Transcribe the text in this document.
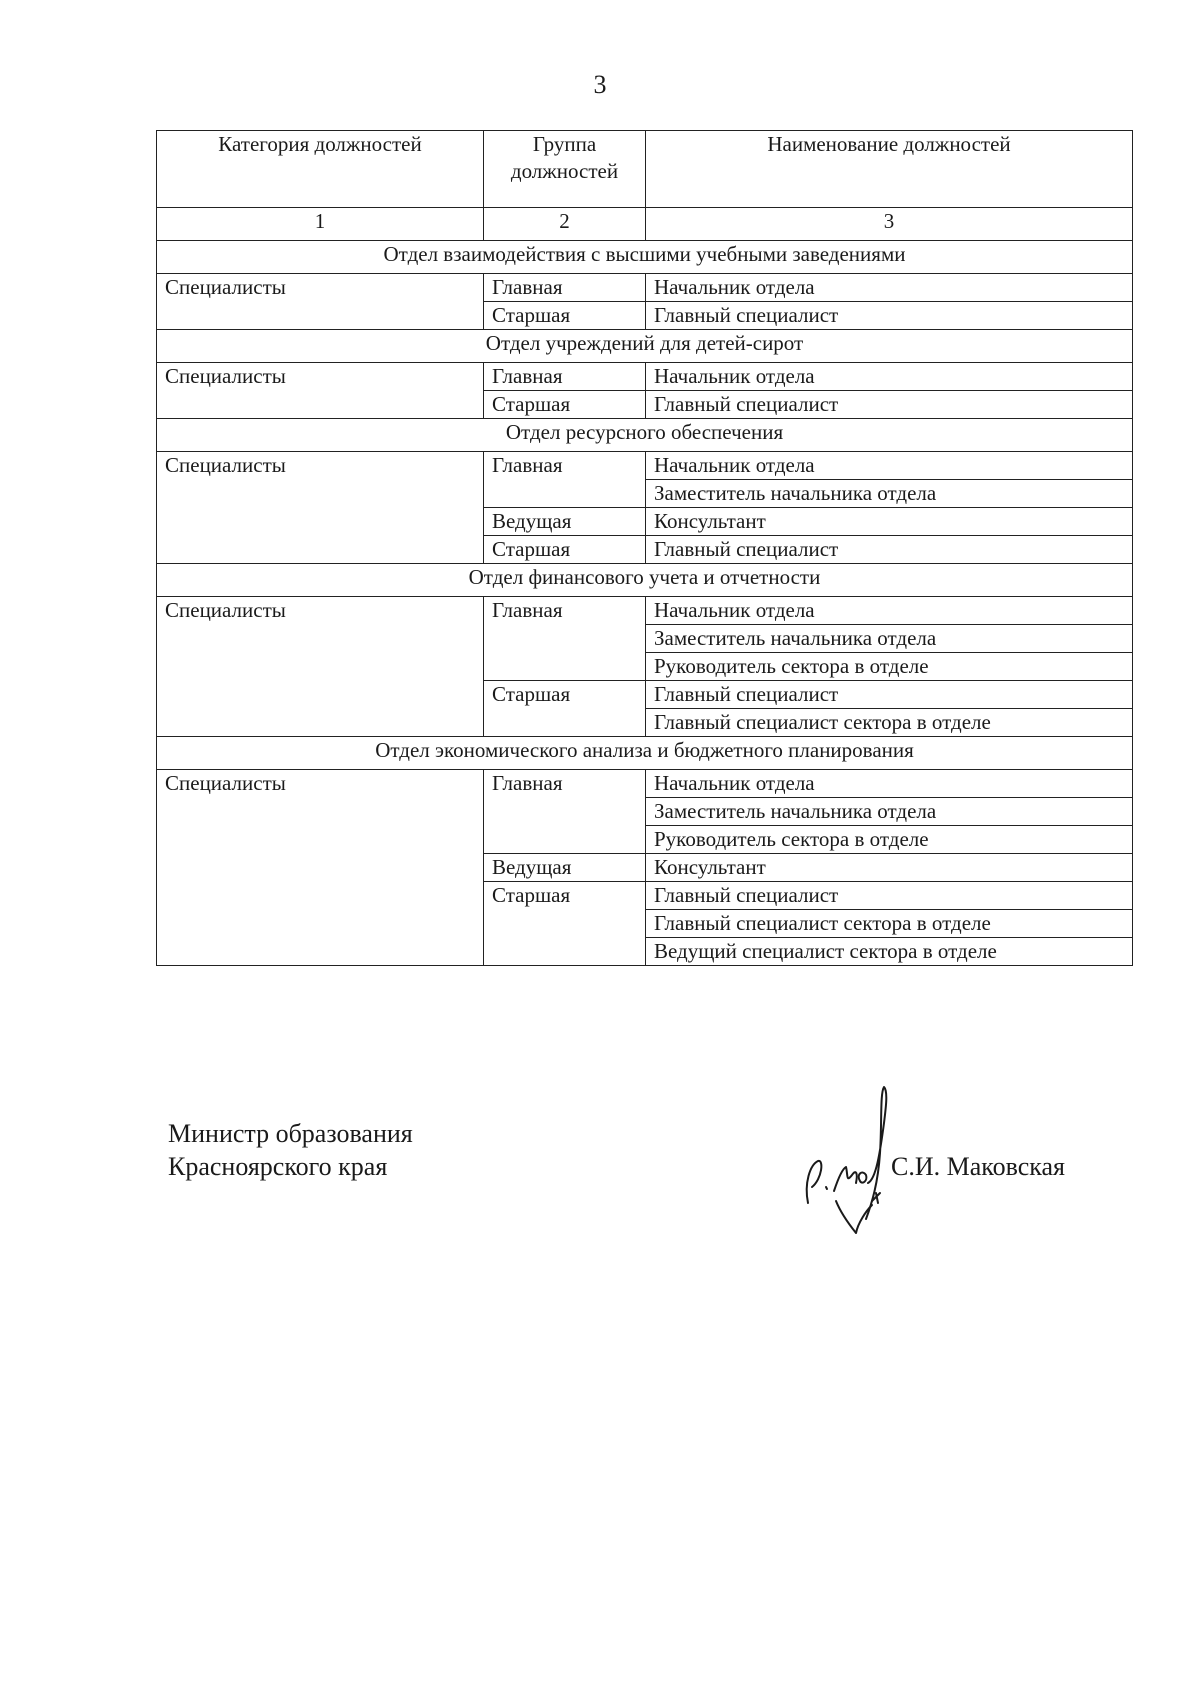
3
Категория должностей	Группа должностей	Наименование должностей
1	2	3
Отдел взаимодействия с высшими учебными заведениями		
Специалисты	Главная	Начальник отдела
	Старшая	Главный специалист
Отдел учреждений для детей-сирот		
Специалисты	Главная	Начальник отдела
	Старшая	Главный специалист
Отдел ресурсного обеспечения		
Специалисты	Главная	Начальник отдела
		Заместитель начальника отдела
	Ведущая	Консультант
	Старшая	Главный специалист
Отдел финансового учета и отчетности		
Специалисты	Главная	Начальник отдела
		Заместитель начальника отдела
		Руководитель сектора в отделе
	Старшая	Главный специалист
		Главный специалист сектора в отделе
Отдел экономического анализа и бюджетного планирования		
Специалисты	Главная	Начальник отдела
		Заместитель начальника отдела
		Руководитель сектора в отделе
	Ведущая	Консультант
	Старшая	Главный специалист
		Главный специалист сектора в отделе
		Ведущий специалист сектора в отделе
Министр образования
Красноярского края	С.И. Маковская
